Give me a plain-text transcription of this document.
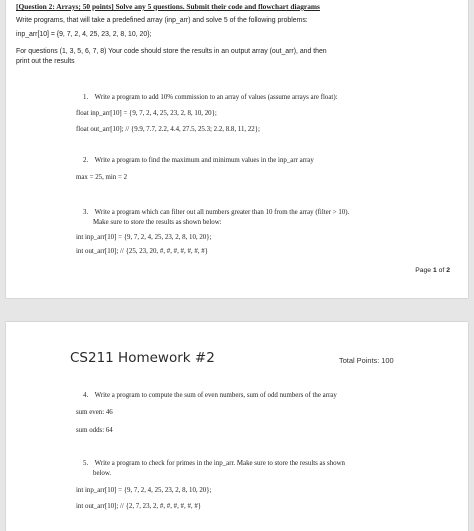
[Question 2: Arrays; 50 points] Solve any 5 questions. Submit their code and flowchart diagrams
Write programs, that will take a predefined array (inp_arr) and solve 5 of the following problems:
inp_arr[10] = {9, 7, 2, 4, 25, 23, 2, 8, 10, 20};
For questions (1, 3, 5, 6, 7, 8) Your code should store the results in an output array (out_arr), and then
print out the results
1. Write a program to add 10% commission to an array of values (assume arrays are float):
float inp_arr[10] = {9, 7, 2, 4, 25, 23, 2, 8, 10, 20};
float out_arr[10]; // {9.9, 7.7, 2.2, 4.4, 27.5, 25.3; 2.2, 8.8, 11, 22};
2. Write a program to find the maximum and minimum values in the inp_arr array
max = 25, min = 2
3. Write a program which can filter out all numbers greater than 10 from the array (filter > 10).
Make sure to store the results as shown below:
int inp_arr[10] = {9, 7, 2, 4, 25, 23, 2, 8, 10, 20};
int out_arr[10]; // {25, 23, 20, #, #, #, #, #, #, #}
Page 1 of 2
CS211 Homework #2	Total Points: 100
4. Write a program to compute the sum of even numbers, sum of odd numbers of the array
sum even: 46
sum odds: 64
5. Write a program to check for primes in the inp_arr. Make sure to store the results as shown
below.
int inp_arr[10] = {9, 7, 2, 4, 25, 23, 2, 8, 10, 20};
int out_arr[10]; // {2, 7, 23, 2, #, #, #, #, #, #}
